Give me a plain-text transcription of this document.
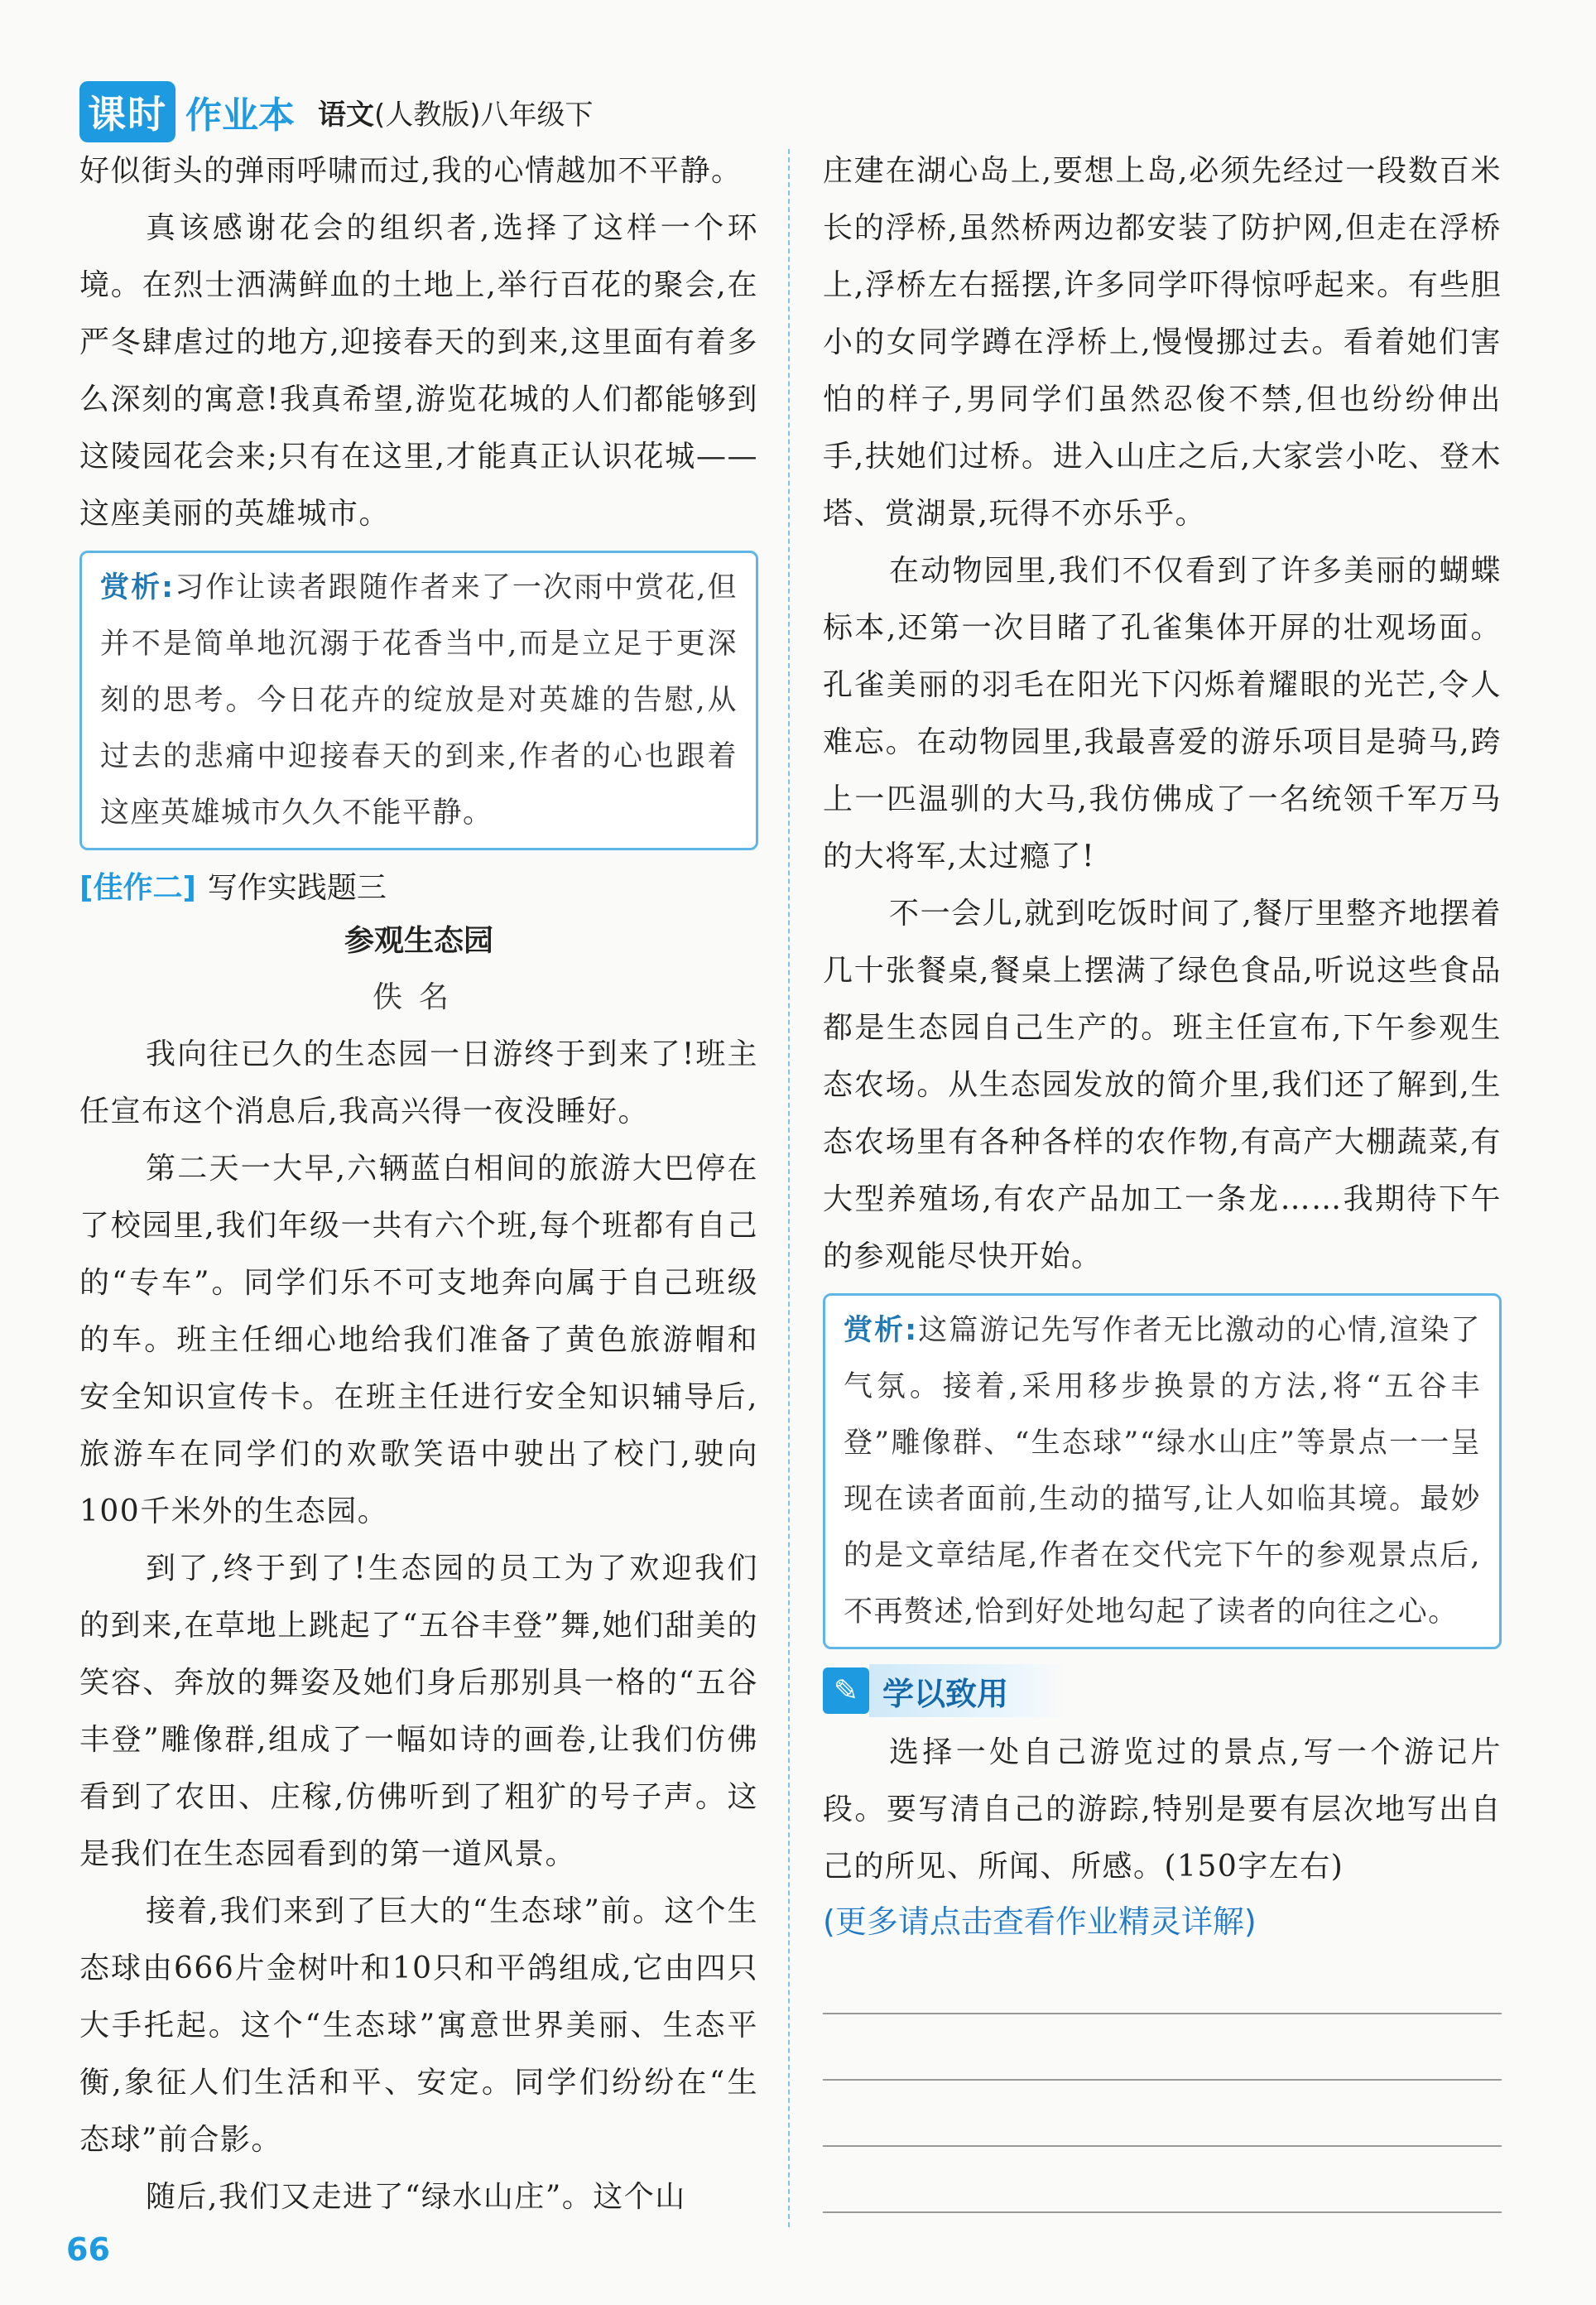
课时 作业本 语文(人教版)八年级下

好似街头的弹雨呼啸而过,我的心情越加不平静。

真该感谢花会的组织者,选择了这样一个环境。在烈士洒满鲜血的土地上,举行百花的聚会,在严冬肆虐过的地方,迎接春天的到来,这里面有着多么深刻的寓意!我真希望,游览花城的人们都能够到这陵园花会来;只有在这里,才能真正认识花城——这座美丽的英雄城市。

赏析:习作让读者跟随作者来了一次雨中赏花,但并不是简单地沉溺于花香当中,而是立足于更深刻的思考。今日花卉的绽放是对英雄的告慰,从过去的悲痛中迎接春天的到来,作者的心也跟着这座英雄城市久久不能平静。

[佳作二] 写作实践题三
参观生态园
佚名

我向往已久的生态园一日游终于到来了!班主任宣布这个消息后,我高兴得一夜没睡好。

第二天一大早,六辆蓝白相间的旅游大巴停在了校园里,我们年级一共有六个班,每个班都有自己的“专车”。同学们乐不可支地奔向属于自己班级的车。班主任细心地给我们准备了黄色旅游帽和安全知识宣传卡。在班主任进行安全知识辅导后,旅游车在同学们的欢歌笑语中驶出了校门,驶向100千米外的生态园。

到了,终于到了!生态园的员工为了欢迎我们的到来,在草地上跳起了“五谷丰登”舞,她们甜美的笑容、奔放的舞姿及她们身后那别具一格的“五谷丰登”雕像群,组成了一幅如诗的画卷,让我们仿佛看到了农田、庄稼,仿佛听到了粗犷的号子声。这是我们在生态园看到的第一道风景。

接着,我们来到了巨大的“生态球”前。这个生态球由666片金树叶和10只和平鸽组成,它由四只大手托起。这个“生态球”寓意世界美丽、生态平衡,象征人们生活和平、安定。同学们纷纷在“生态球”前合影。

随后,我们又走进了“绿水山庄”。这个山

庄建在湖心岛上,要想上岛,必须先经过一段数百米长的浮桥,虽然桥两边都安装了防护网,但走在浮桥上,浮桥左右摇摆,许多同学吓得惊呼起来。有些胆小的女同学蹲在浮桥上,慢慢挪过去。看着她们害怕的样子,男同学们虽然忍俊不禁,但也纷纷伸出手,扶她们过桥。进入山庄之后,大家尝小吃、登木塔、赏湖景,玩得不亦乐乎。

在动物园里,我们不仅看到了许多美丽的蝴蝶标本,还第一次目睹了孔雀集体开屏的壮观场面。孔雀美丽的羽毛在阳光下闪烁着耀眼的光芒,令人难忘。在动物园里,我最喜爱的游乐项目是骑马,跨上一匹温驯的大马,我仿佛成了一名统领千军万马的大将军,太过瘾了!

不一会儿,就到吃饭时间了,餐厅里整齐地摆着几十张餐桌,餐桌上摆满了绿色食品,听说这些食品都是生态园自己生产的。班主任宣布,下午参观生态农场。从生态园发放的简介里,我们还了解到,生态农场里有各种各样的农作物,有高产大棚蔬菜,有大型养殖场,有农产品加工一条龙……我期待下午的参观能尽快开始。

赏析:这篇游记先写作者无比激动的心情,渲染了气氛。接着,采用移步换景的方法,将“五谷丰登”雕像群、“生态球”“绿水山庄”等景点一一呈现在读者面前,生动的描写,让人如临其境。最妙的是文章结尾,作者在交代完下午的参观景点后,不再赘述,恰到好处地勾起了读者的向往之心。

✎ 学以致用

选择一处自己游览过的景点,写一个游记片段。要写清自己的游踪,特别是要有层次地写出自己的所见、所闻、所感。(150字左右)

(更多请点击查看作业精灵详解)
66
